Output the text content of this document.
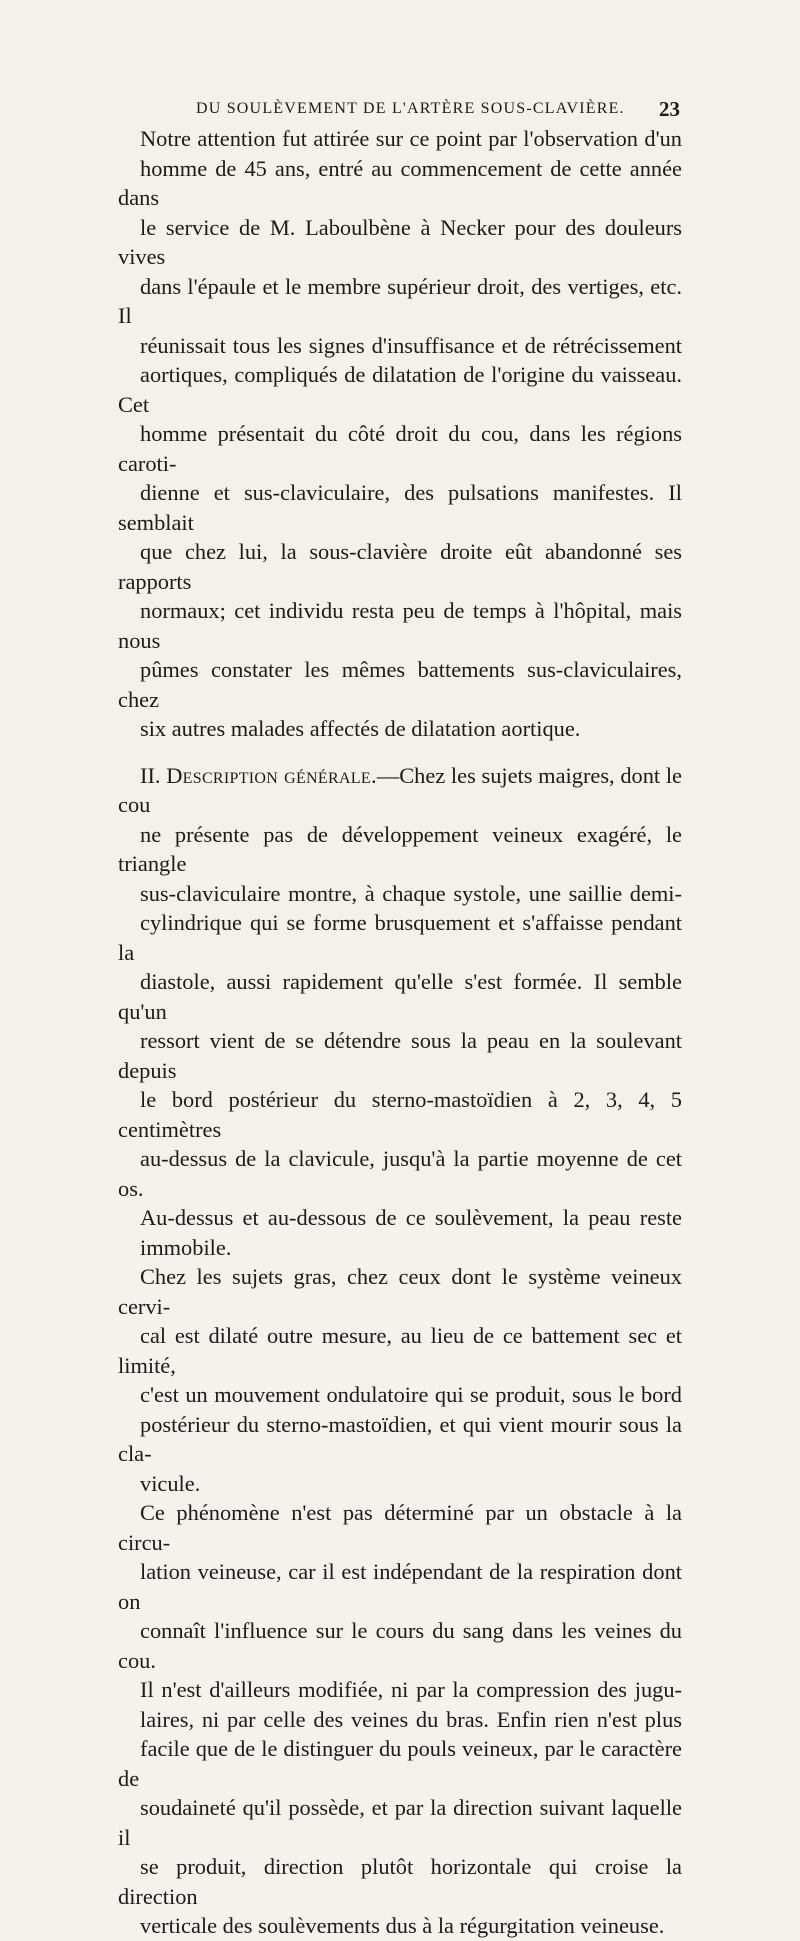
DU SOULÈVEMENT DE L'ARTÈRE SOUS-CLAVIÈRE. 23

Notre attention fut attirée sur ce point par l'observation d'un
homme de 45 ans, entré au commencement de cette année dans
le service de M. Laboulbène à Necker pour des douleurs vives
dans l'épaule et le membre supérieur droit, des vertiges, etc. Il
réunissait tous les signes d'insuffisance et de rétrécissement
aortiques, compliqués de dilatation de l'origine du vaisseau. Cet
homme présentait du côté droit du cou, dans les régions caroti-
dienne et sus-claviculaire, des pulsations manifestes. Il semblait
que chez lui, la sous-clavière droite eût abandonné ses rapports
normaux; cet individu resta peu de temps à l'hôpital, mais nous
pûmes constater les mêmes battements sus-claviculaires, chez
six autres malades affectés de dilatation aortique.

II. Description générale.—Chez les sujets maigres, dont le cou
ne présente pas de développement veineux exagéré, le triangle
sus-claviculaire montre, à chaque systole, une saillie demi-
cylindrique qui se forme brusquement et s'affaisse pendant la
diastole, aussi rapidement qu'elle s'est formée. Il semble qu'un
ressort vient de se détendre sous la peau en la soulevant depuis
le bord postérieur du sterno-mastoïdien à 2, 3, 4, 5 centimètres
au-dessus de la clavicule, jusqu'à la partie moyenne de cet os.
Au-dessus et au-dessous de ce soulèvement, la peau reste
immobile.

Chez les sujets gras, chez ceux dont le système veineux cervi-
cal est dilaté outre mesure, au lieu de ce battement sec et limité,
c'est un mouvement ondulatoire qui se produit, sous le bord
postérieur du sterno-mastoïdien, et qui vient mourir sous la cla-
vicule.

Ce phénomène n'est pas déterminé par un obstacle à la circu-
lation veineuse, car il est indépendant de la respiration dont on
connaît l'influence sur le cours du sang dans les veines du cou.

Il n'est d'ailleurs modifiée, ni par la compression des jugu-
laires, ni par celle des veines du bras. Enfin rien n'est plus
facile que de le distinguer du pouls veineux, par le caractère de
soudaineté qu'il possède, et par la direction suivant laquelle il
se produit, direction plutôt horizontale qui croise la direction
verticale des soulèvements dus à la régurgitation veineuse.
